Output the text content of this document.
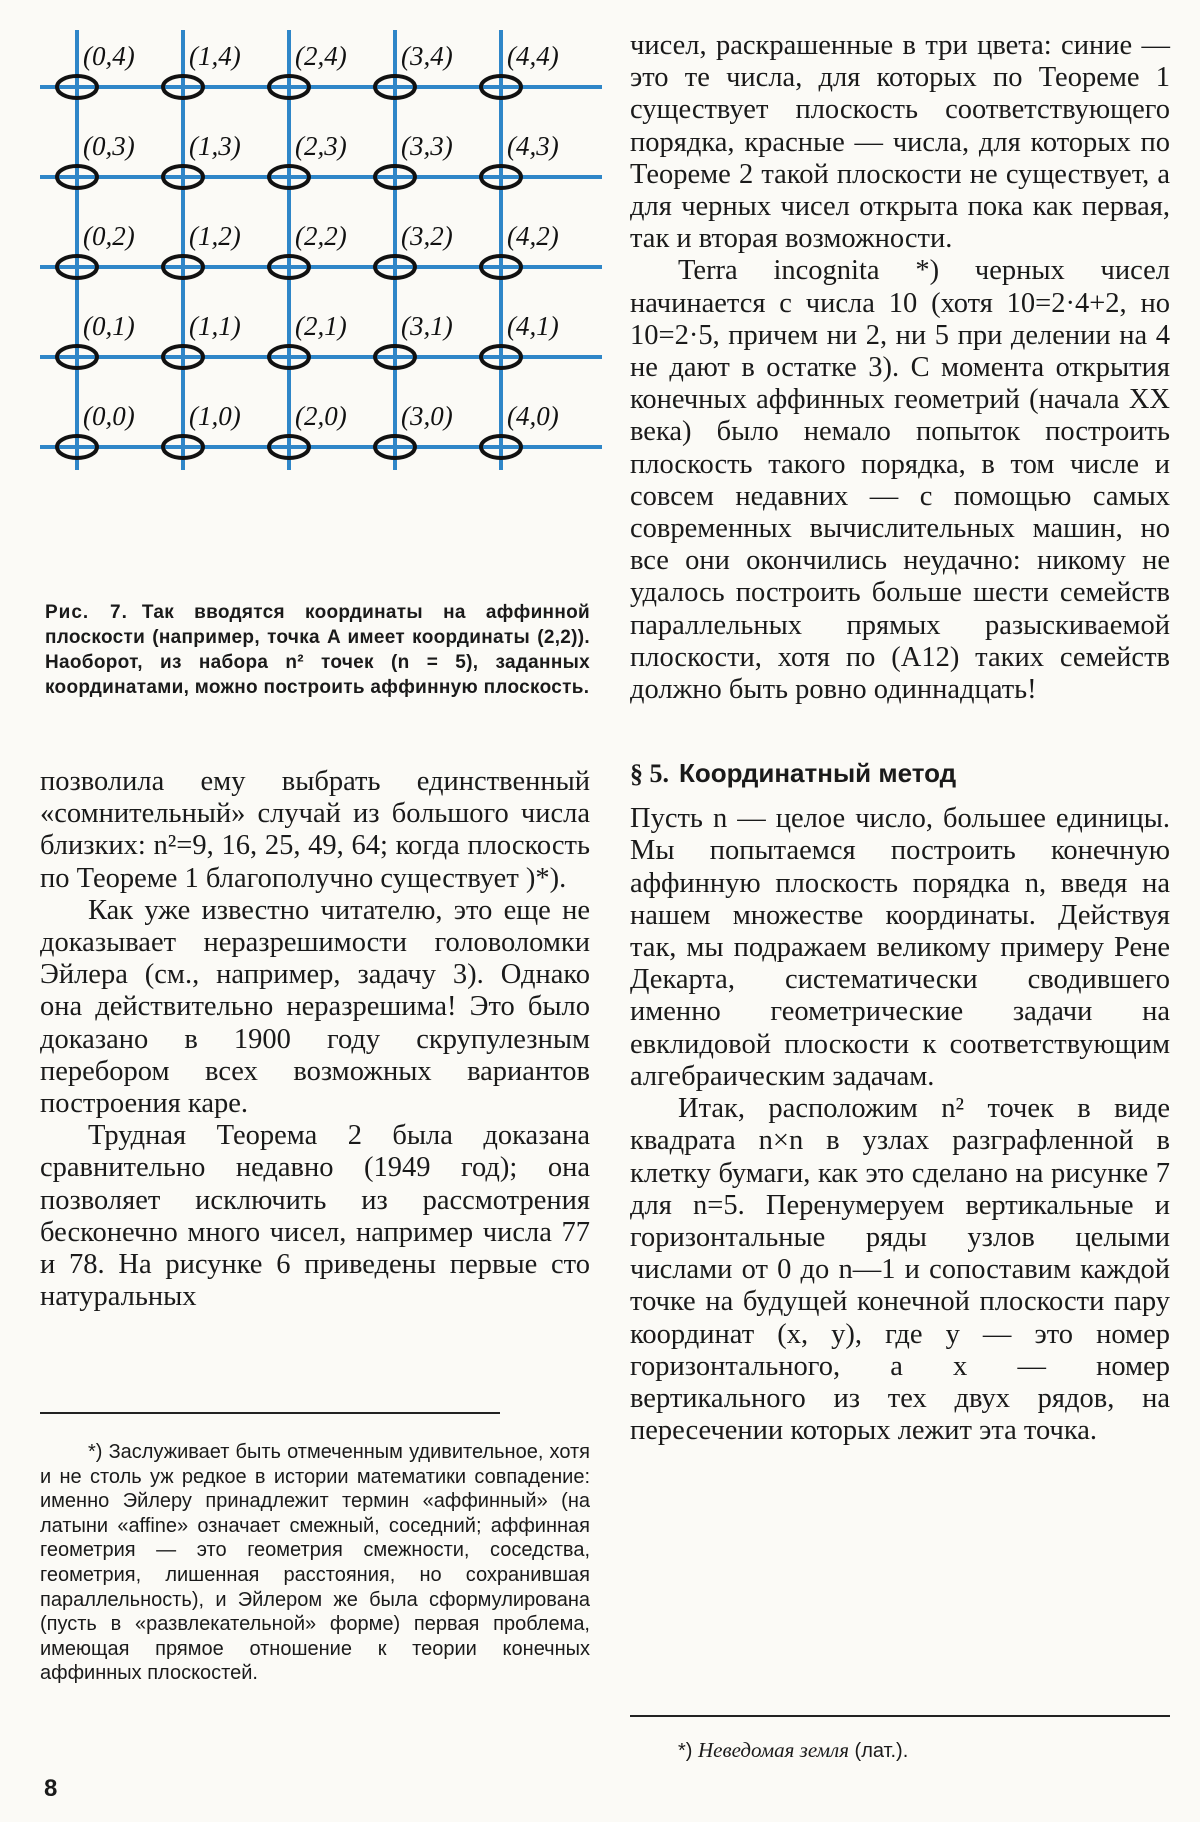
(0,4) (1,4) (2,4) (3,4) (4,4)
(0,3) (1,3) (2,3) (3,3) (4,3)
(0,2) (1,2) (2,2) (3,2) (4,2)
(0,1) (1,1) (2,1) (3,1) (4,1)
(0,0) (1,0) (2,0) (3,0) (4,0)
Рис. 7. Так вводятся координаты на аффинной плоскости (например, точка A имеет координаты (2,2)). Наоборот, из набора n² точек (n = 5), заданных координатами, можно построить аффинную плоскость.

позволила ему выбрать единственный «сомнительный» случай из большого числа близких: n²=9, 16, 25, 49, 64; когда плоскость по Теореме 1 благополучно существует )*).

Как уже известно читателю, это еще не доказывает неразрешимости головоломки Эйлера (см., например, задачу 3). Однако она действительно неразрешима! Это было доказано в 1900 году скрупулезным перебором всех возможных вариантов построения каре.

Трудная Теорема 2 была доказана сравнительно недавно (1949 год); она позволяет исключить из рассмотрения бесконечно много чисел, например числа 77 и 78. На рисунке 6 приведены первые сто натуральных

*) Заслуживает быть отмеченным удивительное, хотя и не столь уж редкое в истории математики совпадение: именно Эйлеру принадлежит термин «аффинный» (на латыни «affine» означает смежный, соседний; аффинная геометрия — это геометрия смежности, соседства, геометрия, лишенная расстояния, но сохранившая параллельность), и Эйлером же была сформулирована (пусть в «развлекательной» форме) первая проблема, имеющая прямое отношение к теории конечных аффинных плоскостей.

чисел, раскрашенные в три цвета: синие — это те числа, для которых по Теореме 1 существует плоскость соответствующего порядка, красные — числа, для которых по Теореме 2 такой плоскости не существует, а для черных чисел открыта пока как первая, так и вторая возможности.

Terra incognita *) черных чисел начинается с числа 10 (хотя 10=2·4+2, но 10=2·5, причем ни 2, ни 5 при делении на 4 не дают в остатке 3). С момента открытия конечных аффинных геометрий (начала XX века) было немало попыток построить плоскость такого порядка, в том числе и совсем недавних — с помощью самых современных вычислительных машин, но все они окончились неудачно: никому не удалось построить больше шести семейств параллельных прямых разыскиваемой плоскости, хотя по (A12) таких семейств должно быть ровно одиннадцать!

§ 5. Координатный метод

Пусть n — целое число, большее единицы. Мы попытаемся построить конечную аффинную плоскость порядка n, введя на нашем множестве координаты. Действуя так, мы подражаем великому примеру Рене Декарта, систематически сводившего именно геометрические задачи на евклидовой плоскости к соответствующим алгебраическим задачам.

Итак, расположим n² точек в виде квадрата n×n в узлах разграфленной в клетку бумаги, как это сделано на рисунке 7 для n=5. Перенумеруем вертикальные и горизонтальные ряды узлов целыми числами от 0 до n—1 и сопоставим каждой точке на будущей конечной плоскости пару координат (x, y), где y — это номер горизонтального, а x — номер вертикального из тех двух рядов, на пересечении которых лежит эта точка.

*) Неведомая земля (лат.).

8
